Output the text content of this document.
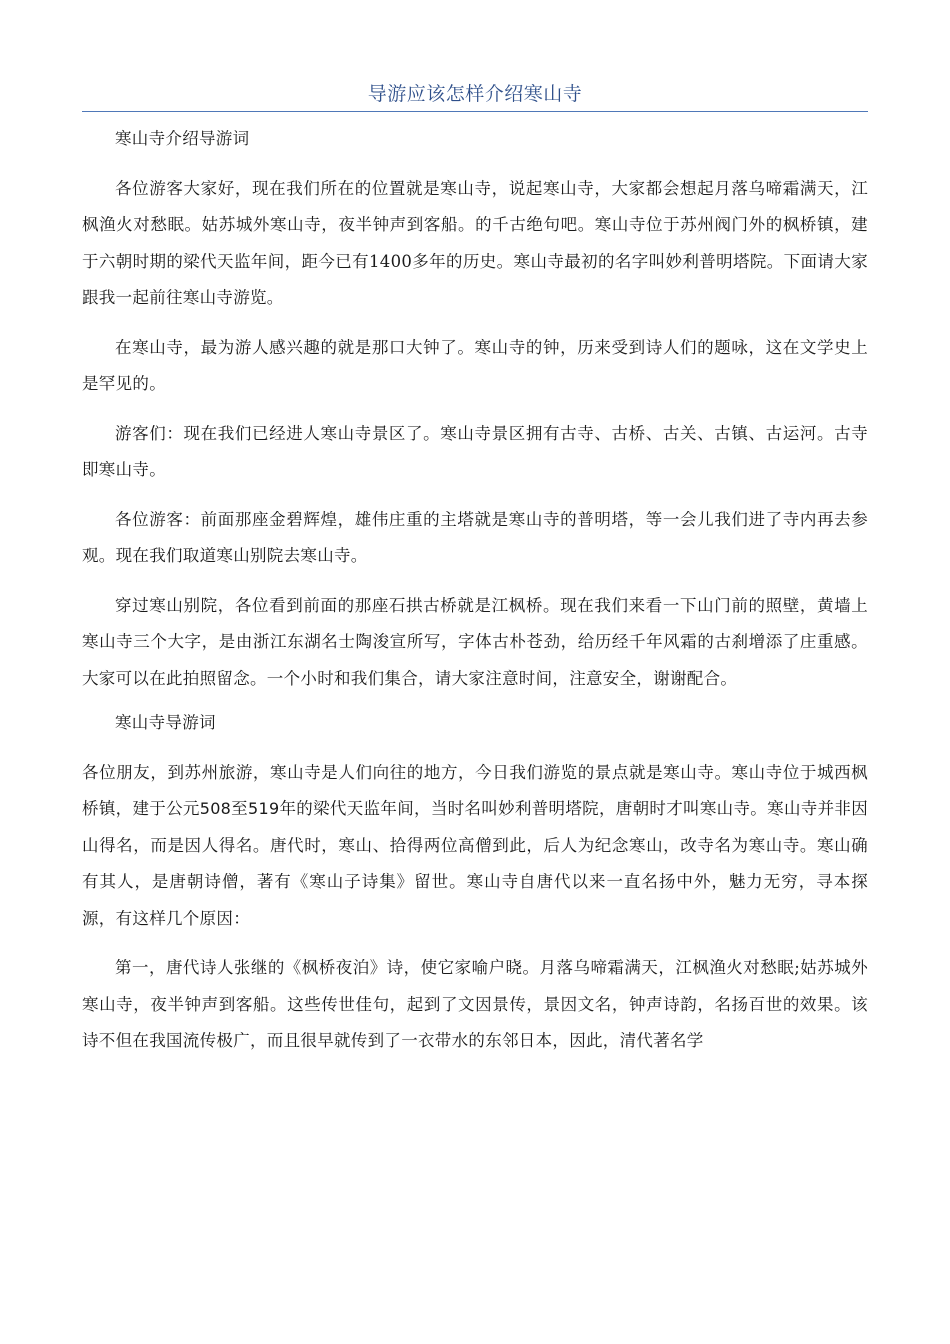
导游应该怎样介绍寒山寺

寒山寺介绍导游词

各位游客大家好，现在我们所在的位置就是寒山寺，说起寒山寺，大家都会想起月落乌啼霜满天，江枫渔火对愁眠。姑苏城外寒山寺，夜半钟声到客船。的千古绝句吧。寒山寺位于苏州阀门外的枫桥镇，建于六朝时期的梁代天监年间，距今已有1400多年的历史。寒山寺最初的名字叫妙利普明塔院。下面请大家跟我一起前往寒山寺游览。

在寒山寺，最为游人感兴趣的就是那口大钟了。寒山寺的钟，历来受到诗人们的题咏，这在文学史上是罕见的。

游客们：现在我们已经进人寒山寺景区了。寒山寺景区拥有古寺、古桥、古关、古镇、古运河。古寺即寒山寺。

各位游客：前面那座金碧辉煌，雄伟庄重的主塔就是寒山寺的普明塔，等一会儿我们进了寺内再去参观。现在我们取道寒山别院去寒山寺。

穿过寒山别院，各位看到前面的那座石拱古桥就是江枫桥。现在我们来看一下山门前的照壁，黄墙上寒山寺三个大字，是由浙江东湖名士陶浚宣所写，字体古朴苍劲，给历经千年风霜的古刹增添了庄重感。大家可以在此拍照留念。一个小时和我们集合，请大家注意时间，注意安全，谢谢配合。

寒山寺导游词

各位朋友，到苏州旅游，寒山寺是人们向往的地方，今日我们游览的景点就是寒山寺。寒山寺位于城西枫桥镇，建于公元508至519年的梁代天监年间，当时名叫妙利普明塔院，唐朝时才叫寒山寺。寒山寺并非因山得名，而是因人得名。唐代时，寒山、拾得两位高僧到此，后人为纪念寒山，改寺名为寒山寺。寒山确有其人，是唐朝诗僧，著有《寒山子诗集》留世。寒山寺自唐代以来一直名扬中外，魅力无穷，寻本探源，有这样几个原因：

第一，唐代诗人张继的《枫桥夜泊》诗，使它家喻户晓。月落乌啼霜满天，江枫渔火对愁眠;姑苏城外寒山寺，夜半钟声到客船。这些传世佳句，起到了文因景传，景因文名，钟声诗韵，名扬百世的效果。该诗不但在我国流传极广，而且很早就传到了一衣带水的东邻日本，因此，清代著名学
